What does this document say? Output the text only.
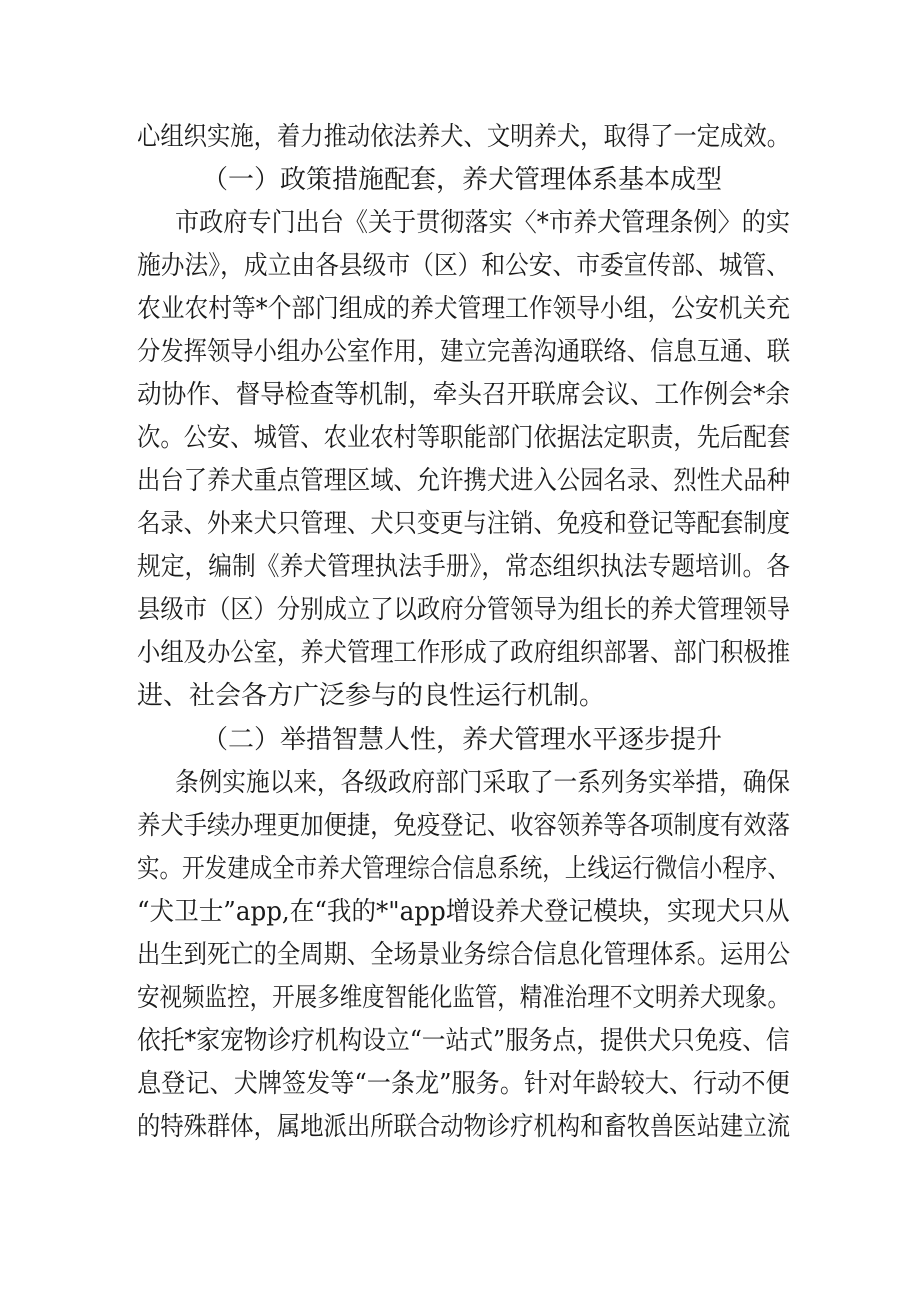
心组织实施，着力推动依法养犬、文明养犬，取得了一定成效。
（一）政策措施配套，养犬管理体系基本成型
市政府专门出台《关于贯彻落实〈*市养犬管理条例〉的实
施办法》，成立由各县级市（区）和公安、市委宣传部、城管、
农业农村等*个部门组成的养犬管理工作领导小组，公安机关充
分发挥领导小组办公室作用，建立完善沟通联络、信息互通、联
动协作、督导检查等机制，牵头召开联席会议、工作例会*余
次。公安、城管、农业农村等职能部门依据法定职责，先后配套
出台了养犬重点管理区域、允许携犬进入公园名录、烈性犬品种
名录、外来犬只管理、犬只变更与注销、免疫和登记等配套制度
规定，编制《养犬管理执法手册》，常态组织执法专题培训。各
县级市（区）分别成立了以政府分管领导为组长的养犬管理领导
小组及办公室，养犬管理工作形成了政府组织部署、部门积极推
进、社会各方广泛参与的良性运行机制。
（二）举措智慧人性，养犬管理水平逐步提升
条例实施以来，各级政府部门采取了一系列务实举措，确保
养犬手续办理更加便捷，免疫登记、收容领养等各项制度有效落
实。开发建成全市养犬管理综合信息系统，上线运行微信小程序、
“犬卫士”app,在“我的*"app增设养犬登记模块，实现犬只从
出生到死亡的全周期、全场景业务综合信息化管理体系。运用公
安视频监控，开展多维度智能化监管，精准治理不文明养犬现象。
依托*家宠物诊疗机构设立“一站式”服务点，提供犬只免疫、信
息登记、犬牌签发等“一条龙”服务。针对年龄较大、行动不便
的特殊群体，属地派出所联合动物诊疗机构和畜牧兽医站建立流
